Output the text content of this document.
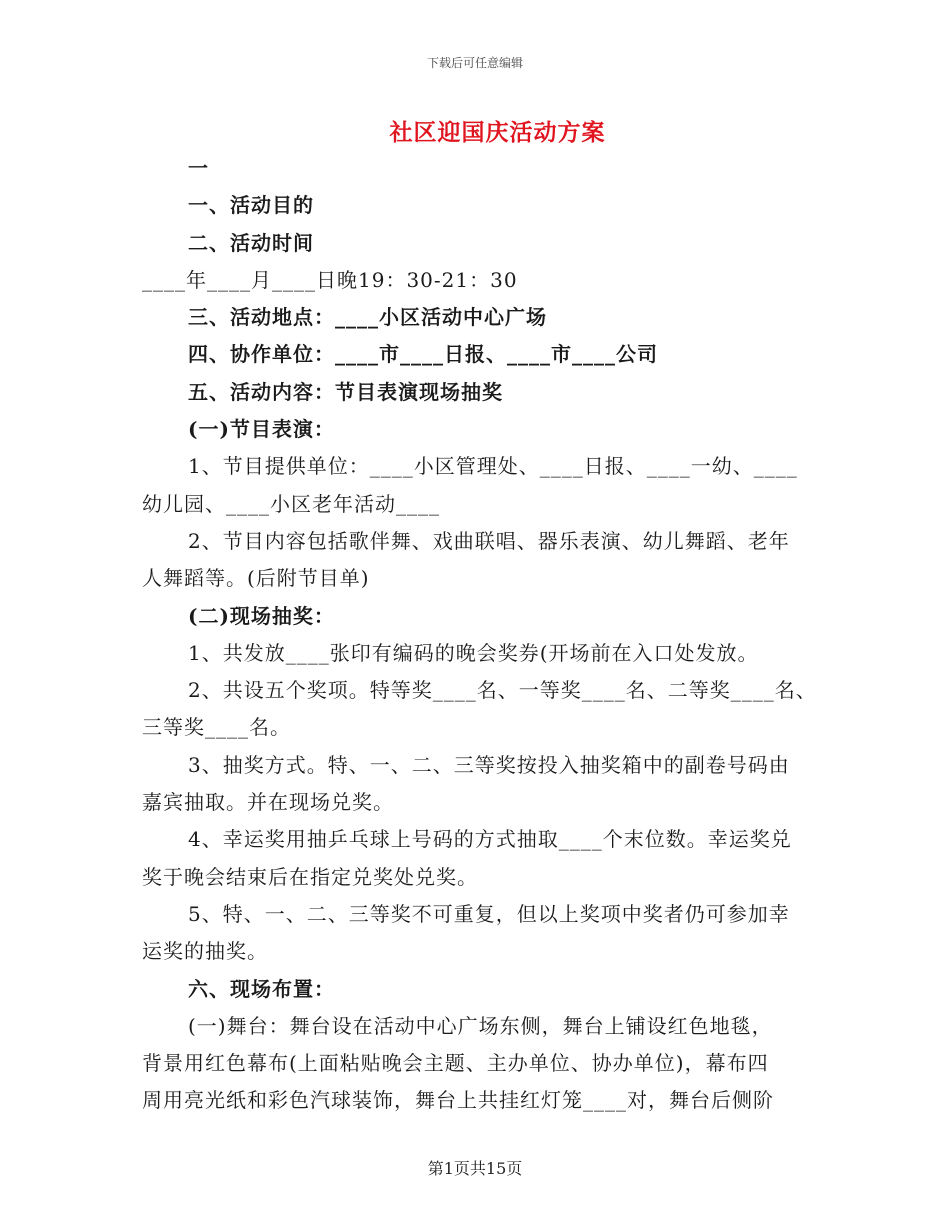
下载后可任意编辑
社区迎国庆活动方案
一
一、活动目的
二、活动时间
____年____月____日晚19：30-21：30
三、活动地点：____小区活动中心广场
四、协作单位：____市____日报、____市____公司
五、活动内容：节目表演现场抽奖
(一)节目表演：
1、节目提供单位：____小区管理处、____日报、____一幼、____
幼儿园、____小区老年活动____
2、节目内容包括歌伴舞、戏曲联唱、器乐表演、幼儿舞蹈、老年
人舞蹈等。(后附节目单)
(二)现场抽奖：
1、共发放____张印有编码的晚会奖券(开场前在入口处发放。
2、共设五个奖项。特等奖____名、一等奖____名、二等奖____名、
三等奖____名。
3、抽奖方式。特、一、二、三等奖按投入抽奖箱中的副卷号码由
嘉宾抽取。并在现场兑奖。
4、幸运奖用抽乒乓球上号码的方式抽取____个末位数。幸运奖兑
奖于晚会结束后在指定兑奖处兑奖。
5、特、一、二、三等奖不可重复，但以上奖项中奖者仍可参加幸
运奖的抽奖。
六、现场布置：
(一)舞台：舞台设在活动中心广场东侧，舞台上铺设红色地毯，
背景用红色幕布(上面粘贴晚会主题、主办单位、协办单位)，幕布四
周用亮光纸和彩色汽球装饰，舞台上共挂红灯笼____对，舞台后侧阶
第1页共15页
